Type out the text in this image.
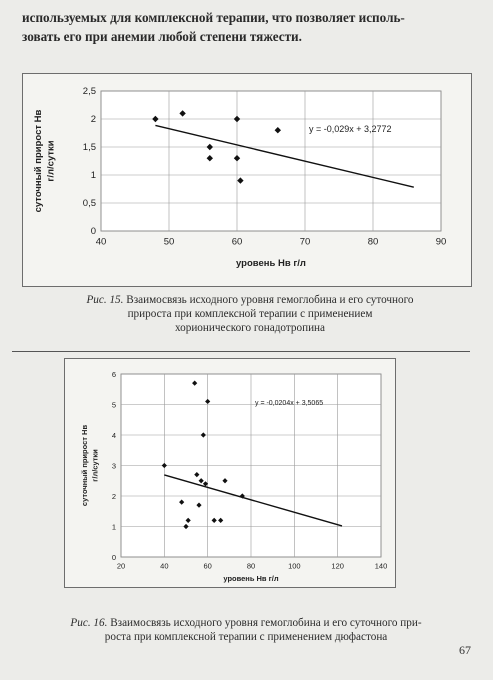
используемых для комплексной терапии, что позволяет исполь-
зовать его при анемии любой степени тяжести.
0
0,5
1
1,5
2
2,5
40	50	60	70	80	90
y = -0,029x + 3,2772
уровень Нв г/л
суточный прирост Нв г/л/сутки
Рис. 15. Взаимосвязь исходного уровня гемоглобина и его суточного
прироста при комплексной терапии с применением
хорионического гонадотропина
0
1
2
3
4
5
6
20	40	60	80	100	120	140
y = -0,0204x + 3,5065
уровень Нв г/л
суточный прирост Нв г/л/сутки
Рис. 16. Взаимосвязь исходного уровня гемоглобина и его суточного при-
роста при комплексной терапии с применением дюфастона
67
